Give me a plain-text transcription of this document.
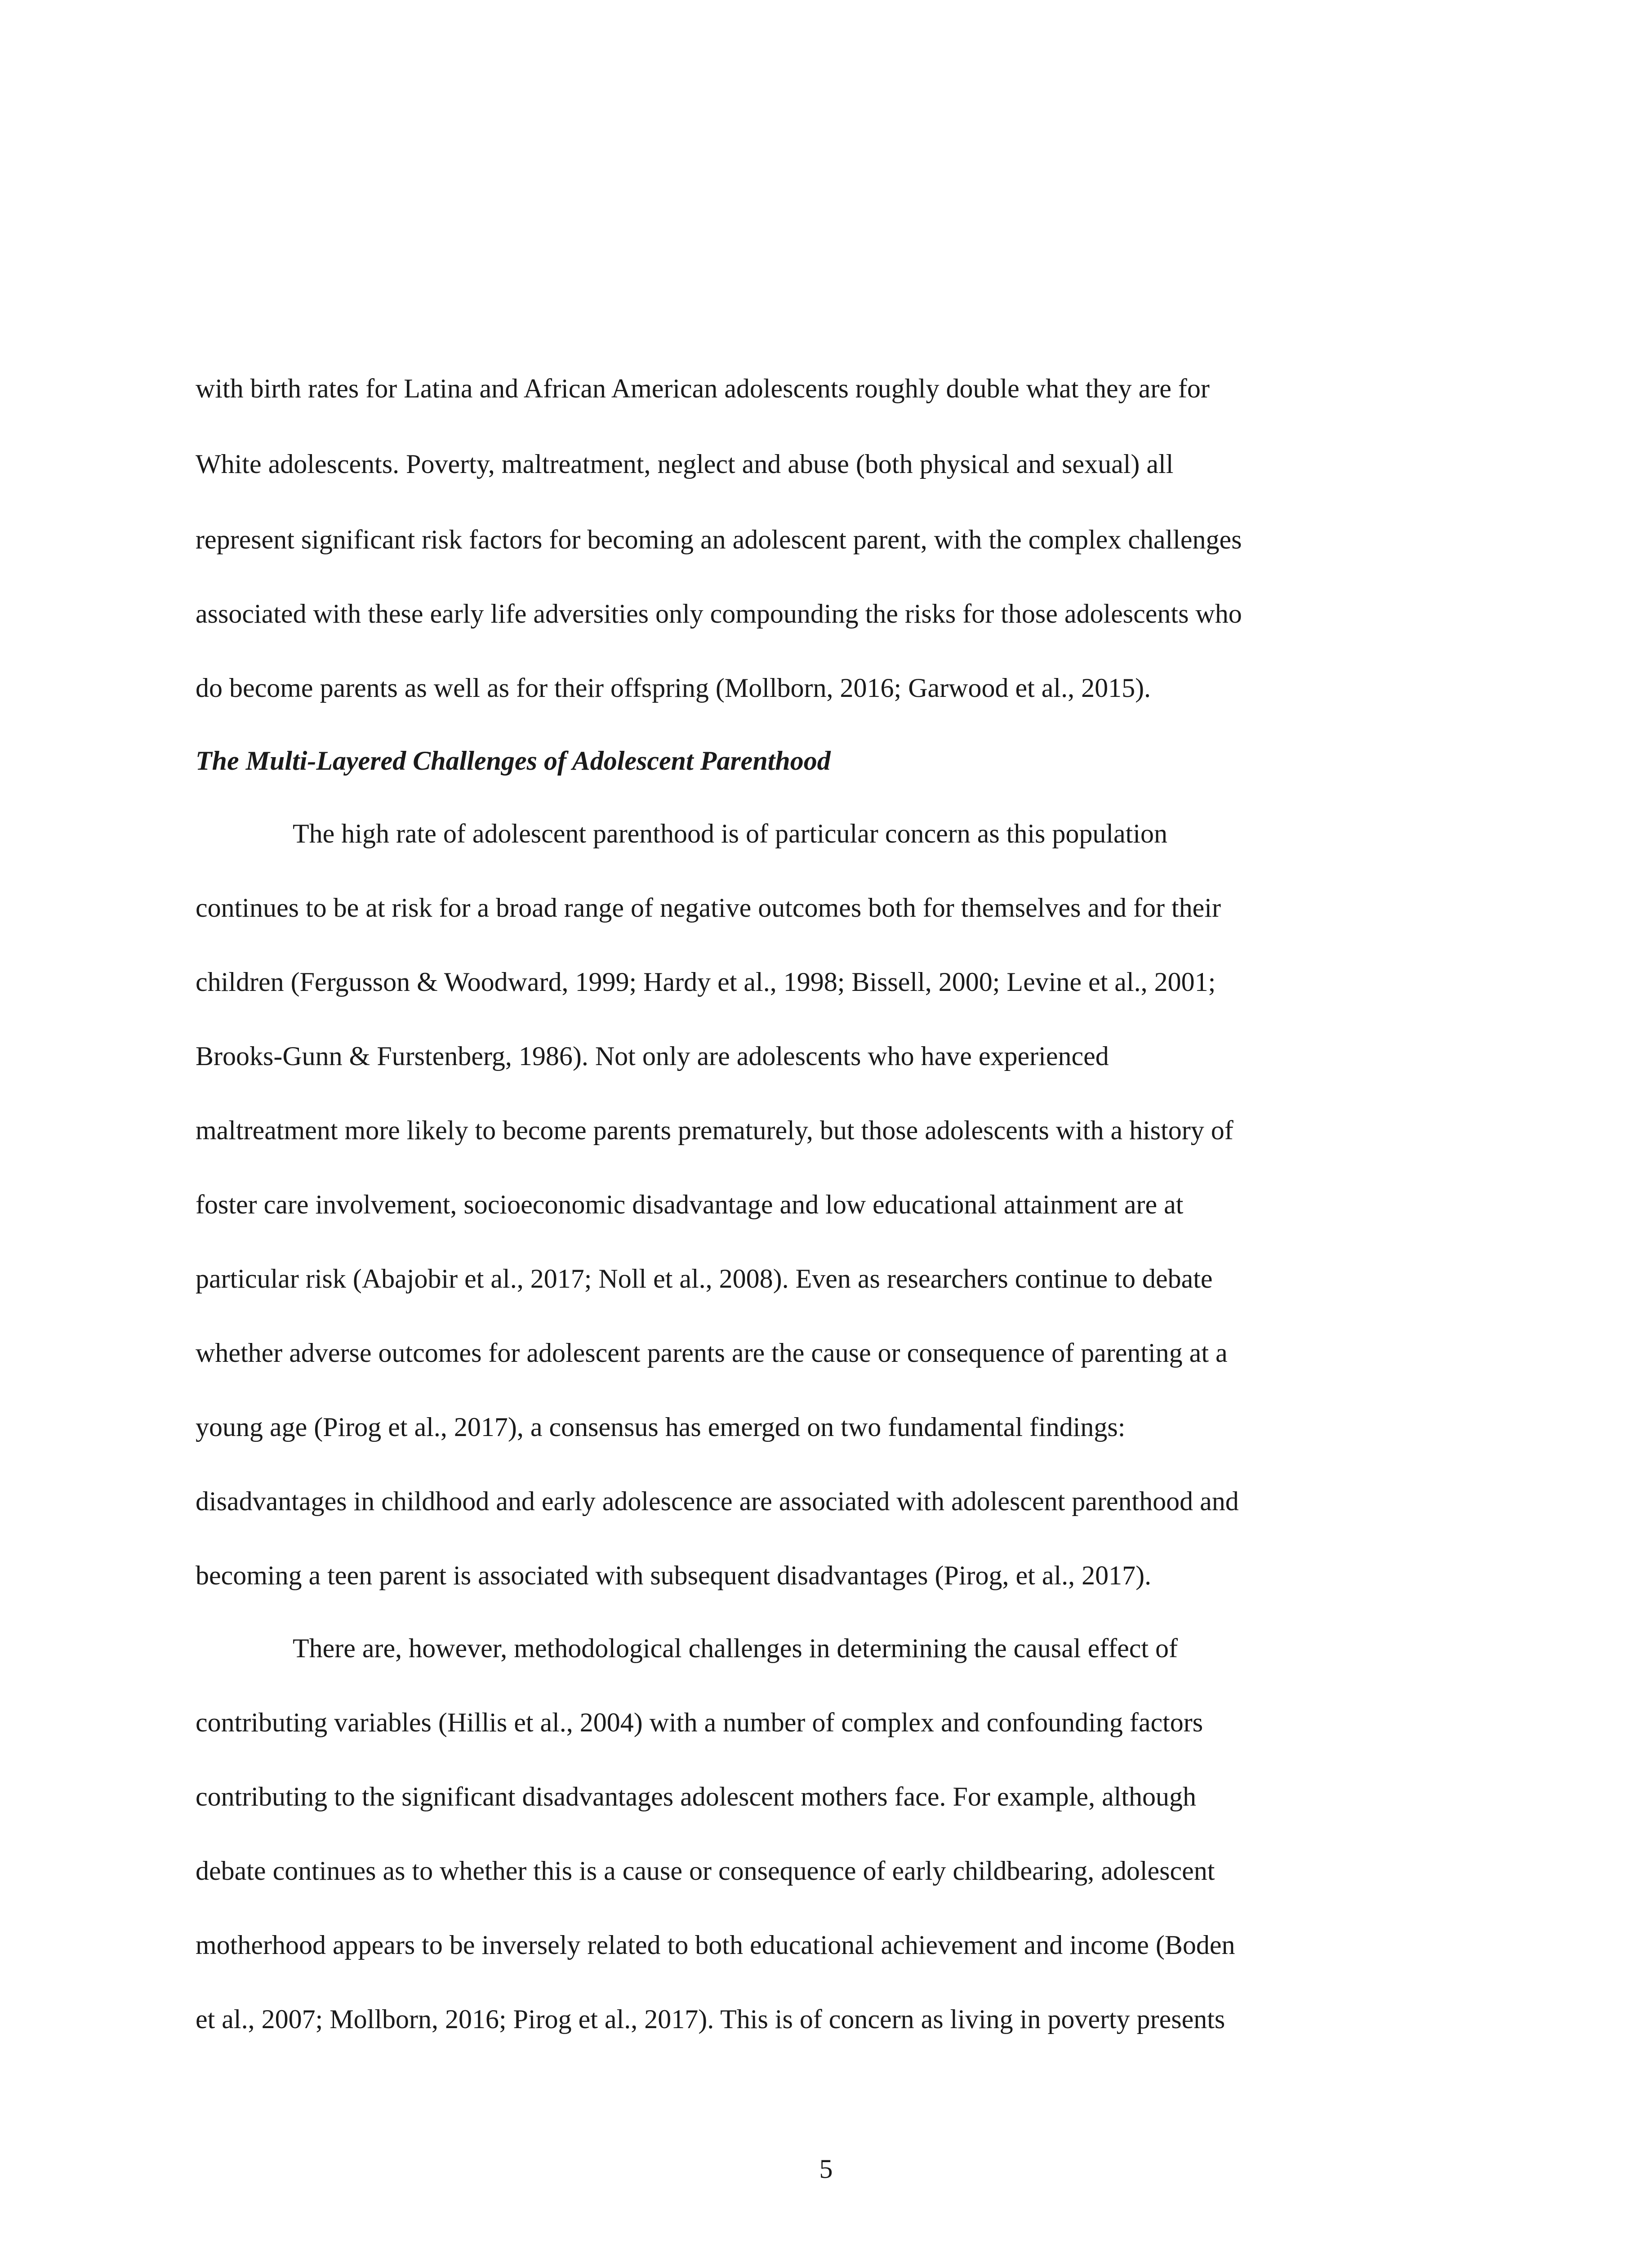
with birth rates for Latina and African American adolescents roughly double what they are for
White adolescents. Poverty, maltreatment, neglect and abuse (both physical and sexual) all
represent significant risk factors for becoming an adolescent parent, with the complex challenges
associated with these early life adversities only compounding the risks for those adolescents who
do become parents as well as for their offspring (Mollborn, 2016; Garwood et al., 2015).
The Multi-Layered Challenges of Adolescent Parenthood
The high rate of adolescent parenthood is of particular concern as this population
continues to be at risk for a broad range of negative outcomes both for themselves and for their
children (Fergusson & Woodward, 1999; Hardy et al., 1998; Bissell, 2000; Levine et al., 2001;
Brooks-Gunn & Furstenberg, 1986). Not only are adolescents who have experienced
maltreatment more likely to become parents prematurely, but those adolescents with a history of
foster care involvement, socioeconomic disadvantage and low educational attainment are at
particular risk (Abajobir et al., 2017; Noll et al., 2008). Even as researchers continue to debate
whether adverse outcomes for adolescent parents are the cause or consequence of parenting at a
young age (Pirog et al., 2017), a consensus has emerged on two fundamental findings:
disadvantages in childhood and early adolescence are associated with adolescent parenthood and
becoming a teen parent is associated with subsequent disadvantages (Pirog, et al., 2017).
There are, however, methodological challenges in determining the causal effect of
contributing variables (Hillis et al., 2004) with a number of complex and confounding factors
contributing to the significant disadvantages adolescent mothers face. For example, although
debate continues as to whether this is a cause or consequence of early childbearing, adolescent
motherhood appears to be inversely related to both educational achievement and income (Boden
et al., 2007; Mollborn, 2016; Pirog et al., 2017). This is of concern as living in poverty presents
5
